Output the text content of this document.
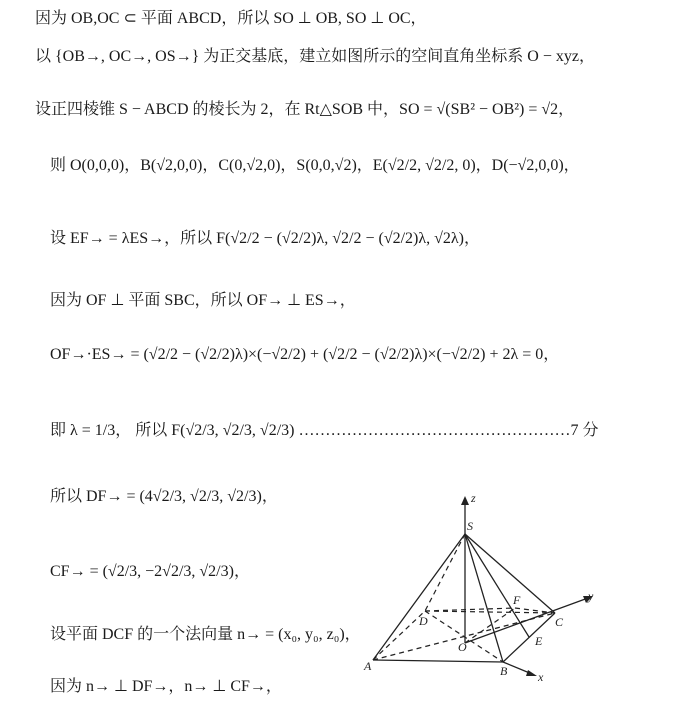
因为 OB,OC ⊂ 平面 ABCD，所以 SO ⊥ OB, SO ⊥ OC，
以 {OB→, OC→, OS→} 为正交基底，建立如图所示的空间直角坐标系 O − xyz，
设正四棱锥 S − ABCD 的棱长为 2，在 Rt△SOB 中，SO = √(SB² − OB²) = √2，
则 O(0,0,0)，B(√2,0,0)，C(0,√2,0)，S(0,0,√2)，E(√2/2, √2/2, 0)，D(−√2,0,0)，
设 EF→ = λES→，所以 F(√2/2 − (√2/2)λ, √2/2 − (√2/2)λ, √2λ)，
因为 OF ⊥ 平面 SBC，所以 OF→ ⊥ ES→，
OF→·ES→ = (√2/2 − (√2/2)λ)×(−√2/2) + (√2/2 − (√2/2)λ)×(−√2/2) + 2λ = 0，
即 λ = 1/3， 所以 F(√2/3, √2/3, √2/3) ……………………………………………7 分
所以 DF→ = (4√2/3, √2/3, √2/3)，
CF→ = (√2/3, −2√2/3, √2/3)，
设平面 DCF 的一个法向量 n→ = (x₀, y₀, z₀)，
因为 n→ ⊥ DF→，n→ ⊥ CF→，
z
S
y
F
D	C
E
O
A	B	x
